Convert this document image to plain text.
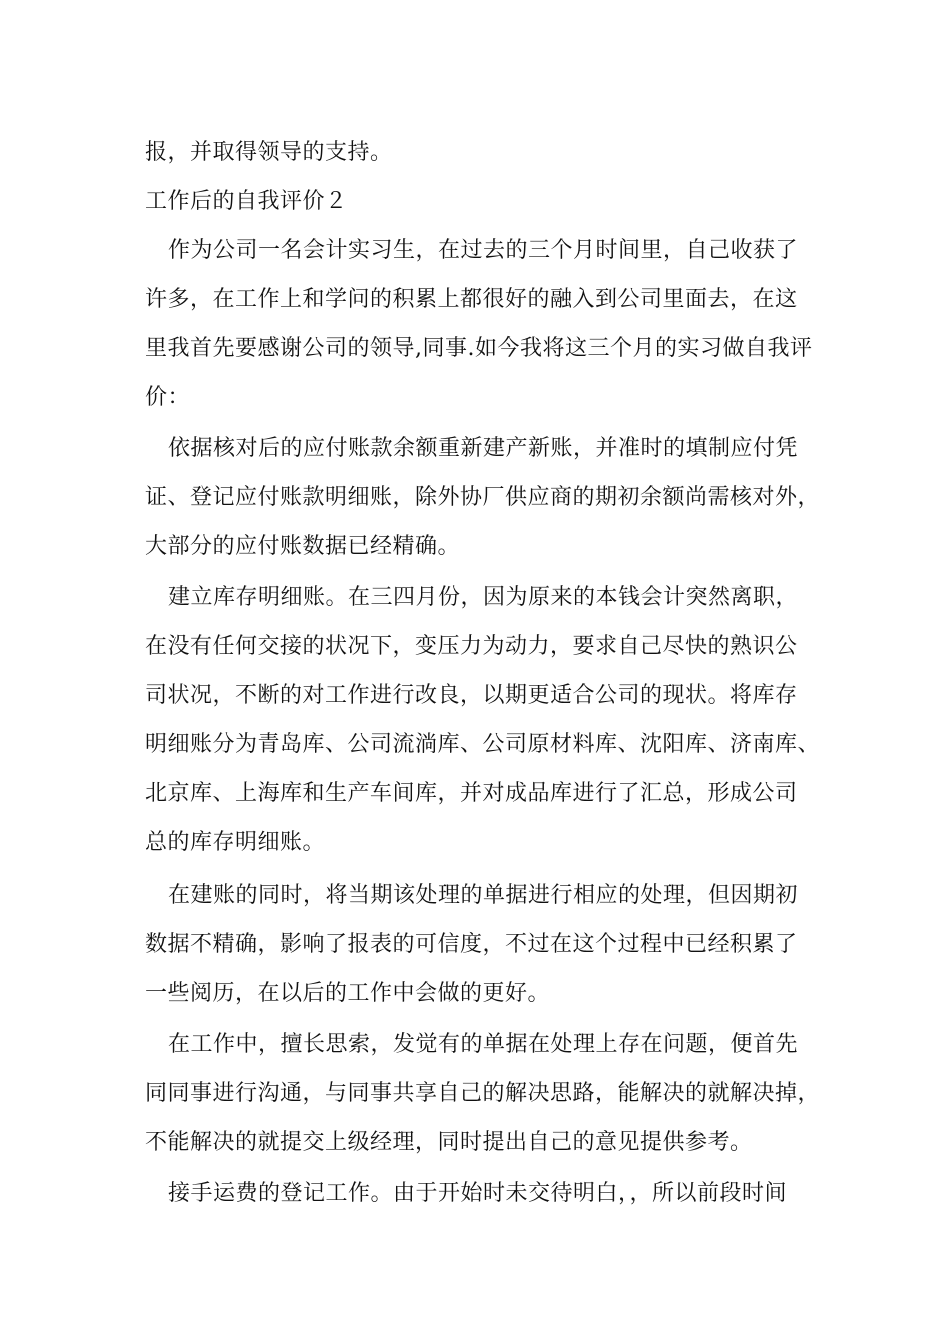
报，并取得领导的支持。
工作后的自我评价２
作为公司一名会计实习生，在过去的三个月时间里，自己收获了
许多，在工作上和学问的积累上都很好的融入到公司里面去，在这
里我首先要感谢公司的领导,同事.如今我将这三个月的实习做自我评
价：
依据核对后的应付账款余额重新建产新账，并准时的填制应付凭
证、登记应付账款明细账，除外协厂供应商的期初余额尚需核对外，
大部分的应付账数据已经精确。
建立库存明细账。在三四月份，因为原来的本钱会计突然离职，
在没有任何交接的状况下，变压力为动力，要求自己尽快的熟识公
司状况，不断的对工作进行改良，以期更适合公司的现状。将库存
明细账分为青岛库、公司流淌库、公司原材料库、沈阳库、济南库、
北京库、上海库和生产车间库，并对成品库进行了汇总，形成公司
总的库存明细账。
在建账的同时，将当期该处理的单据进行相应的处理，但因期初
数据不精确，影响了报表的可信度，不过在这个过程中已经积累了
一些阅历，在以后的工作中会做的更好。
在工作中，擅长思索，发觉有的单据在处理上存在问题，便首先
同同事进行沟通，与同事共享自己的解决思路，能解决的就解决掉，
不能解决的就提交上级经理，同时提出自己的意见提供参考。
接手运费的登记工作。由于开始时未交待明白，，所以前段时间
